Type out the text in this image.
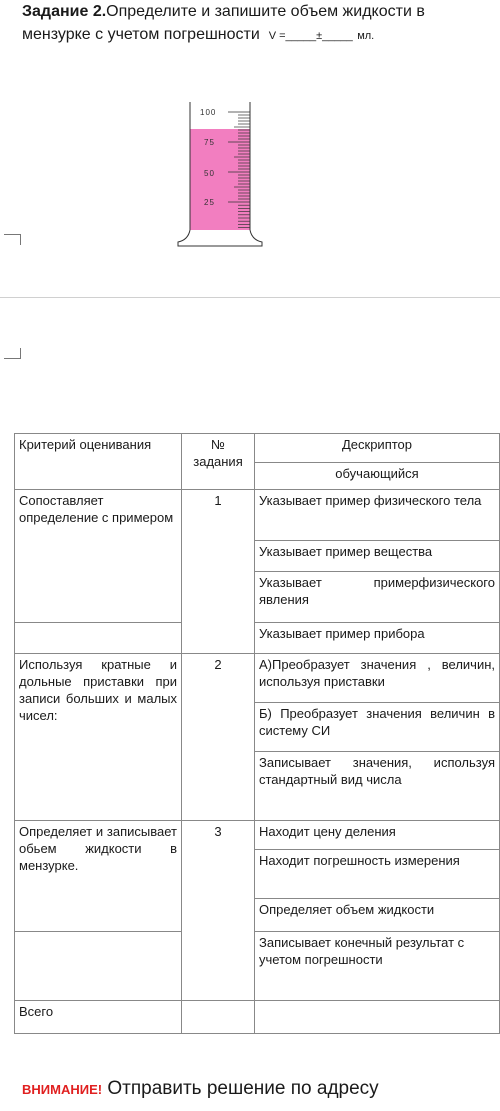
Задание 2.Определите и запишите объем жидкости в мензурке с учетом погрешности V =_____±_____ мл.
100
75
50
25
Критерий оценивания	№ задания	Дескриптор
		обучающийся
Сопоставляет определение с примером	1	Указывает пример физического тела
		Указывает пример вещества
		Указывает примерфизического явления
		Указывает пример прибора
Используя кратные и дольные приставки при записи больших и малых чисел:	2	А)Преобразует значения , величин, используя приставки
		Б) Преобразует значения величин в систему СИ
		Записывает значения, используя стандартный вид числа
Определяет и записывает обьем жидкости в мензурке.	3	Находит цену деления
		Находит погрешность измерения
		Определяет объем жидкости
		Записывает конечный результат с учетом погрешности
Всего		
ВНИМАНИЕ! Отправить решение по адресу
